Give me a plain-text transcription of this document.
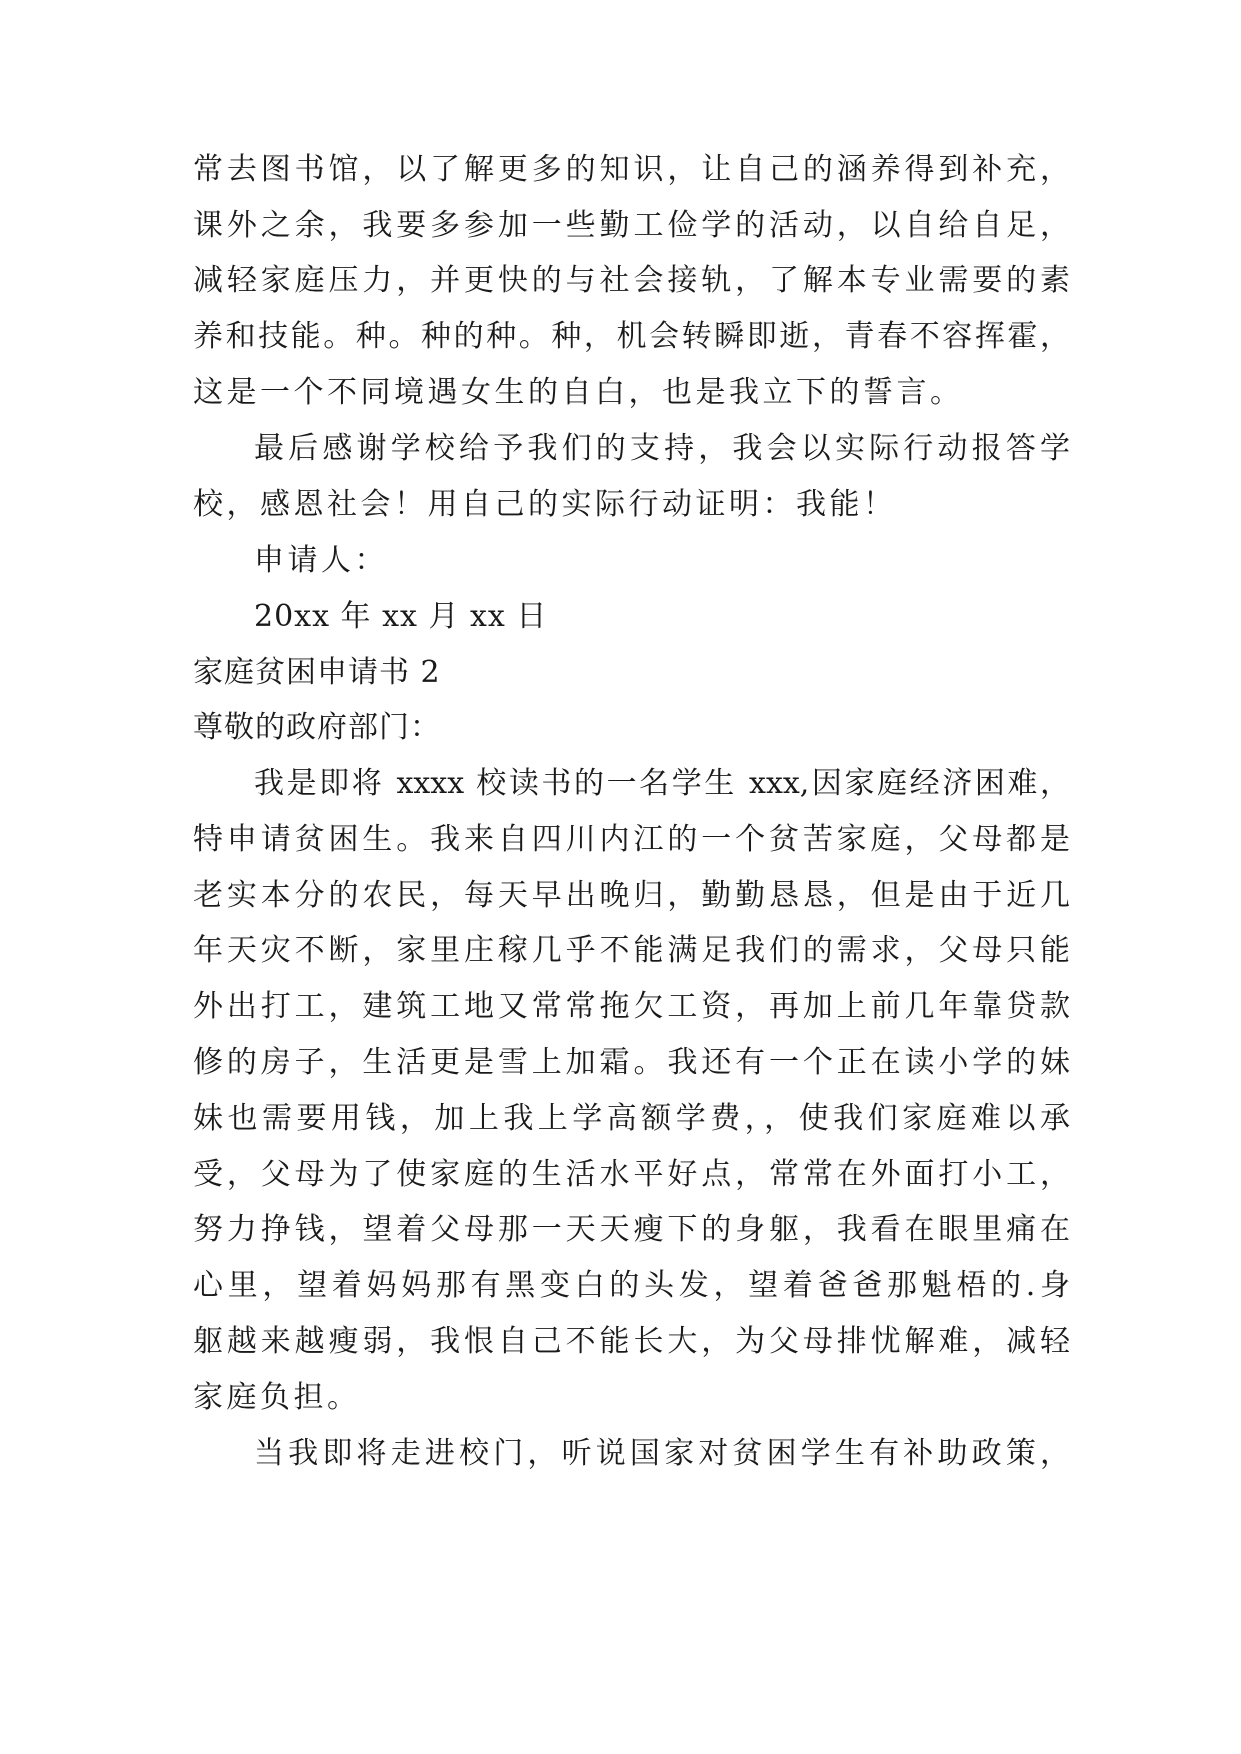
常去图书馆，以了解更多的知识，让自己的涵养得到补充，
课外之余，我要多参加一些勤工俭学的活动，以自给自足，
减轻家庭压力，并更快的与社会接轨，了解本专业需要的素
养和技能。种。种的种。种，机会转瞬即逝，青春不容挥霍，
这是一个不同境遇女生的自白，也是我立下的誓言。
最后感谢学校给予我们的支持，我会以实际行动报答学
校，感恩社会！用自己的实际行动证明：我能！
申请人：
20xx 年 xx 月 xx 日
家庭贫困申请书 2
尊敬的政府部门：
我是即将 xxxx 校读书的一名学生 xxx,因家庭经济困难，
特申请贫困生。我来自四川内江的一个贫苦家庭，父母都是
老实本分的农民，每天早出晚归，勤勤恳恳，但是由于近几
年天灾不断，家里庄稼几乎不能满足我们的需求，父母只能
外出打工，建筑工地又常常拖欠工资，再加上前几年靠贷款
修的房子，生活更是雪上加霜。我还有一个正在读小学的妹
妹也需要用钱，加上我上学高额学费，，使我们家庭难以承
受，父母为了使家庭的生活水平好点，常常在外面打小工，
努力挣钱，望着父母那一天天瘦下的身躯，我看在眼里痛在
心里，望着妈妈那有黑变白的头发，望着爸爸那魁梧的.身
躯越来越瘦弱，我恨自己不能长大，为父母排忧解难，减轻
家庭负担。
当我即将走进校门，听说国家对贫困学生有补助政策，
